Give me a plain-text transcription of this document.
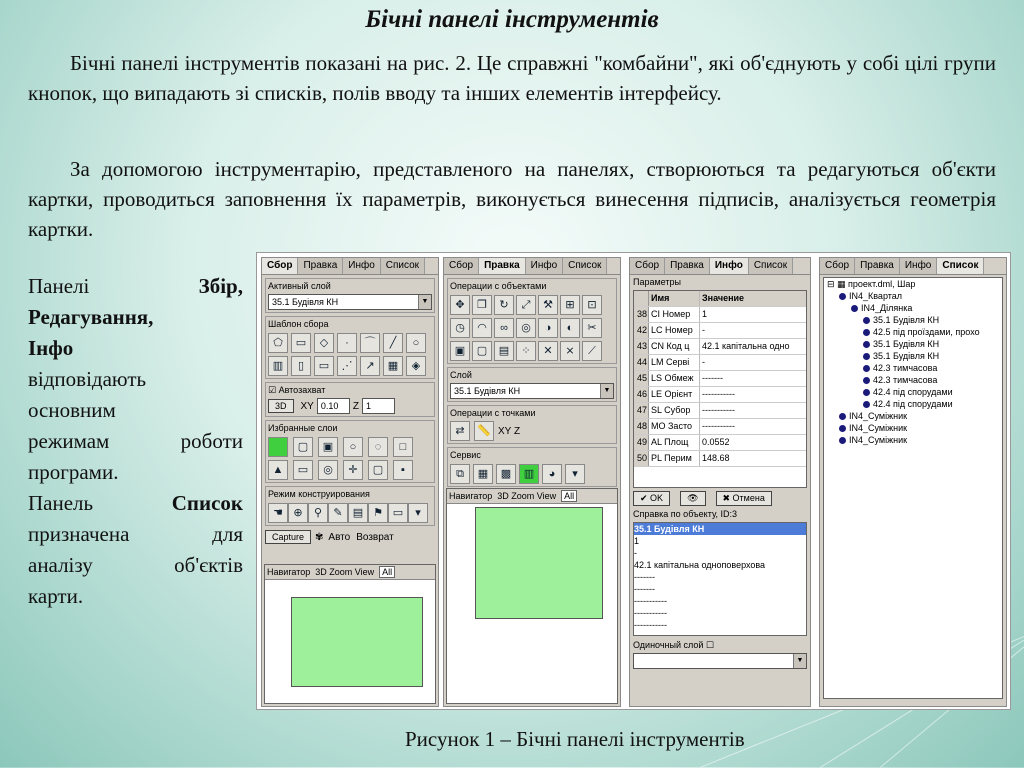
Бічні панелі інструментів
Бічні панелі інструментів показані на рис. 2. Це справжні "комбайни", які об'єднують у собі цілі групи кнопок, що випадають зі списків, полів вводу та інших елементів інтерфейсу.
За допомогою інструментарію, представленого на панелях, створюються та редагуються об'єкти картки, проводиться заповнення їх параметрів, виконується винесення підписів, аналізується геометрія картки.
Панелі	Збір,
Редагування,
Інфо
відповідають
основним
режимам	роботи
програми.
Панель	Список
призначена	для
аналізу	об'єктів
карти.
Сбор	Правка	Инфо	Список
Активный слой
35.1 Будівля КН	▼
Шаблон сбора
⬠	▭	◇	·	⌒	╱	○
▥	▯	▭	⋰	↗	▦	◈
☑ Автозахват
3D	XY 0.10	Z 1
Избранные слои
▢	▣	○	◌	□
▲	▭	◎	✛	▢	▪
Режим конструирования
☚ ⊕	⚲	✎ ▤ ⚑ ▭	▾
Capture	✾ Авто Возврат
Навигатор 3D Zoom View All
Сбор	Правка	Инфо	Список
Операции с объектами
✥	❐	↻	⤢	⚒	⊞	⊡
◷	◠	∞	◎	◑	◐	✂
▣	▢	▤	⁘	✕	⨯	⟋
Слой
35.1 Будівля КН	▼
Операции с точками
⇄	📏 XY Z
Сервис
⧉	▦	▩	▥	◕	▾
Навигатор 3D Zoom View All
Сбор	Правка	Инфо	Список
Параметры
Имя	Значение
38 CI Номер	1
42 LC Номер	-
43 CN Код ц	42.1 капітальна одно
44 LM Серві	-
45 LS Обмеж -------
46 LE Орієнт	-----------
47 SL Субор	-----------
48 MO Засто	-----------
49 AL Площ	0.0552
50 PL Перим	148.68
✔ OK	👁	✖ Отмена
Справка по объекту, ID:3
35.1 Будівля КН
1
-
42.1 капітальна одноповерхова
-------
-------
-----------
-----------
-----------
Одиночный слой ☐
▼
Сбор	Правка	Инфо	Список
⊟ ▦ проект.dml, Шар
IN4_Квартал
IN4_Ділянка
35.1 Будівля КН
42.5 під проїздами, прохо
35.1 Будівля КН
35.1 Будівля КН
42.3 тимчасова
42.3 тимчасова
42.4 під спорудами
42.4 під спорудами
IN4_Суміжник
IN4_Суміжник
IN4_Суміжник
Рисунок 1 – Бічні панелі інструментів
